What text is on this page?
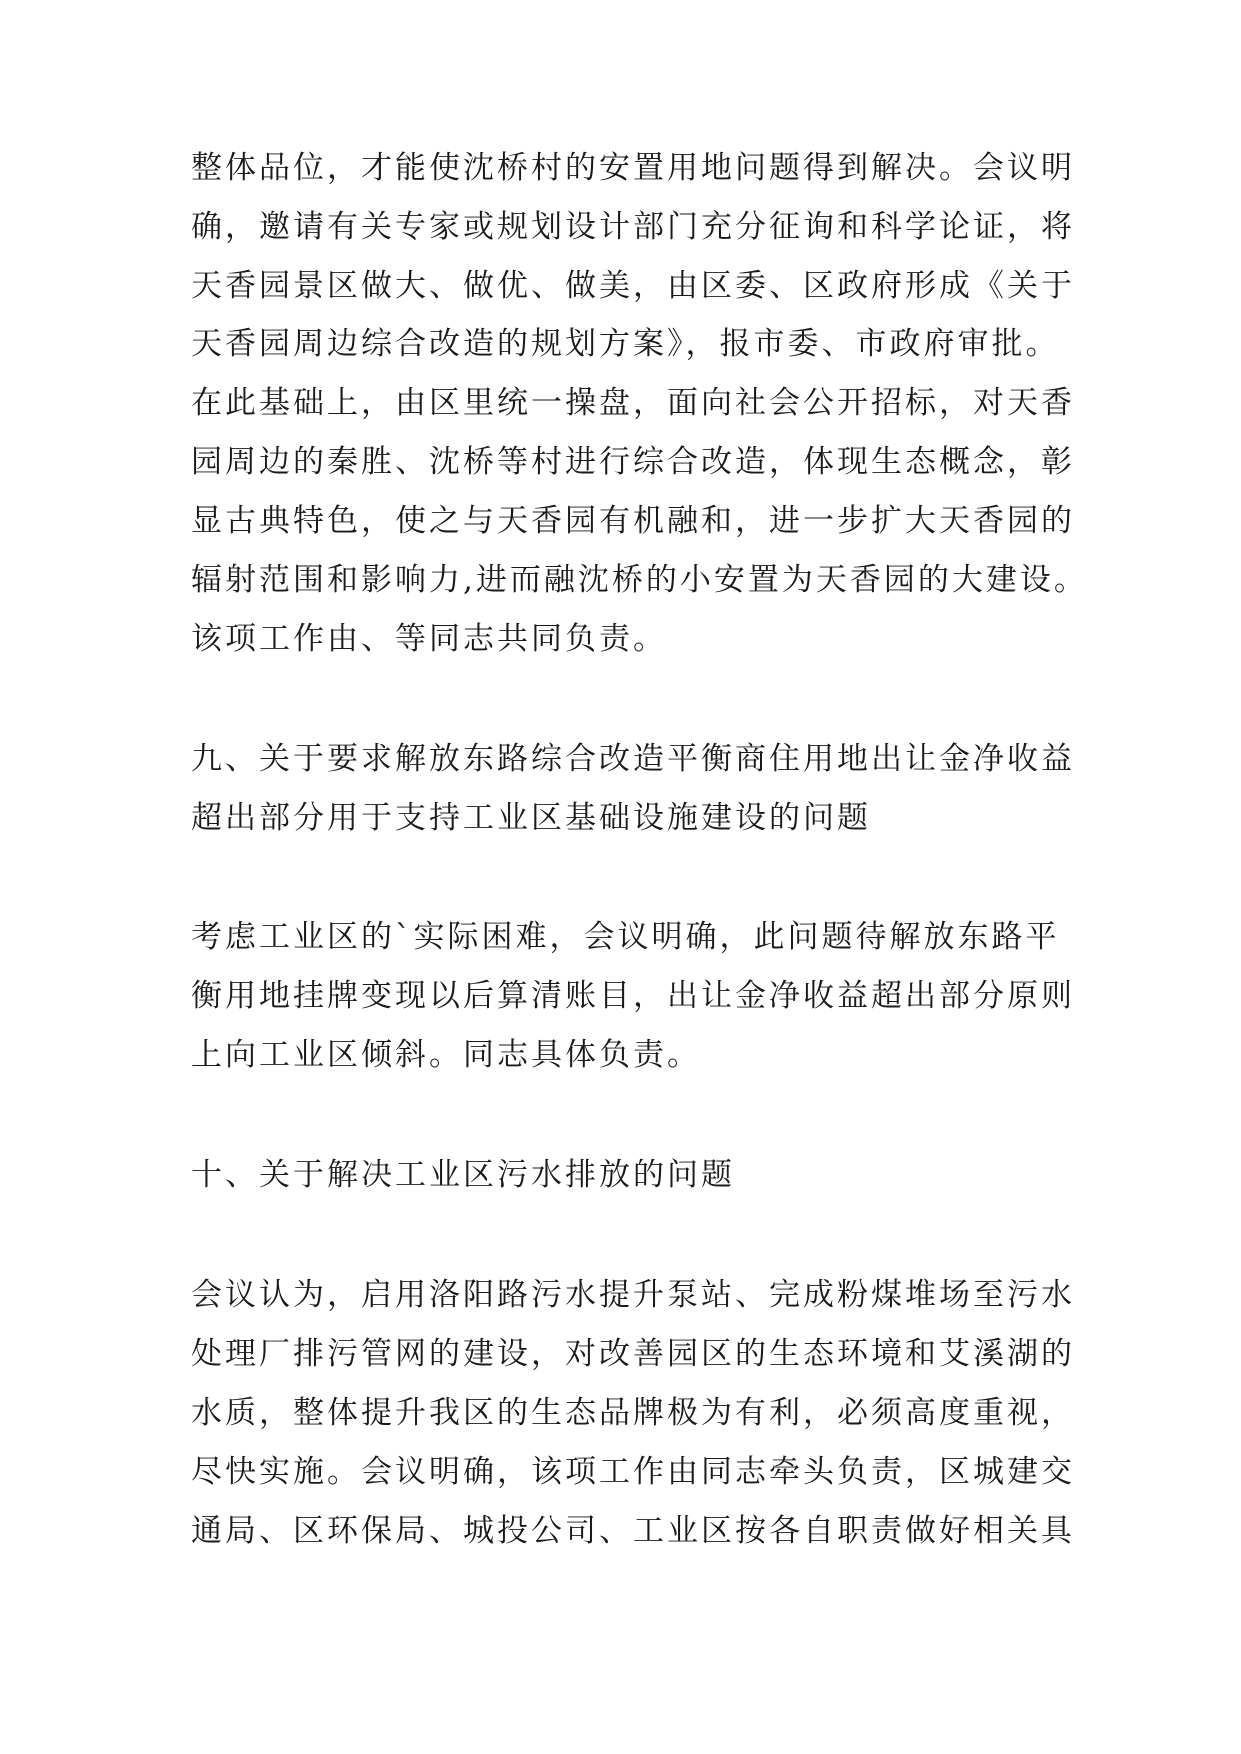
整体品位，才能使沈桥村的安置用地问题得到解决。会议明
确，邀请有关专家或规划设计部门充分征询和科学论证，将
天香园景区做大、做优、做美，由区委、区政府形成《关于
天香园周边综合改造的规划方案》，报市委、市政府审批。
在此基础上，由区里统一操盘，面向社会公开招标，对天香
园周边的秦胜、沈桥等村进行综合改造，体现生态概念，彰
显古典特色，使之与天香园有机融和，进一步扩大天香园的
辐射范围和影响力,进而融沈桥的小安置为天香园的大建设。
该项工作由、等同志共同负责。
九、关于要求解放东路综合改造平衡商住用地出让金净收益
超出部分用于支持工业区基础设施建设的问题
考虑工业区的`实际困难，会议明确，此问题待解放东路平
衡用地挂牌变现以后算清账目，出让金净收益超出部分原则
上向工业区倾斜。同志具体负责。
十、关于解决工业区污水排放的问题
会议认为，启用洛阳路污水提升泵站、完成粉煤堆场至污水
处理厂排污管网的建设，对改善园区的生态环境和艾溪湖的
水质，整体提升我区的生态品牌极为有利，必须高度重视，
尽快实施。会议明确，该项工作由同志牵头负责，区城建交
通局、区环保局、城投公司、工业区按各自职责做好相关具
